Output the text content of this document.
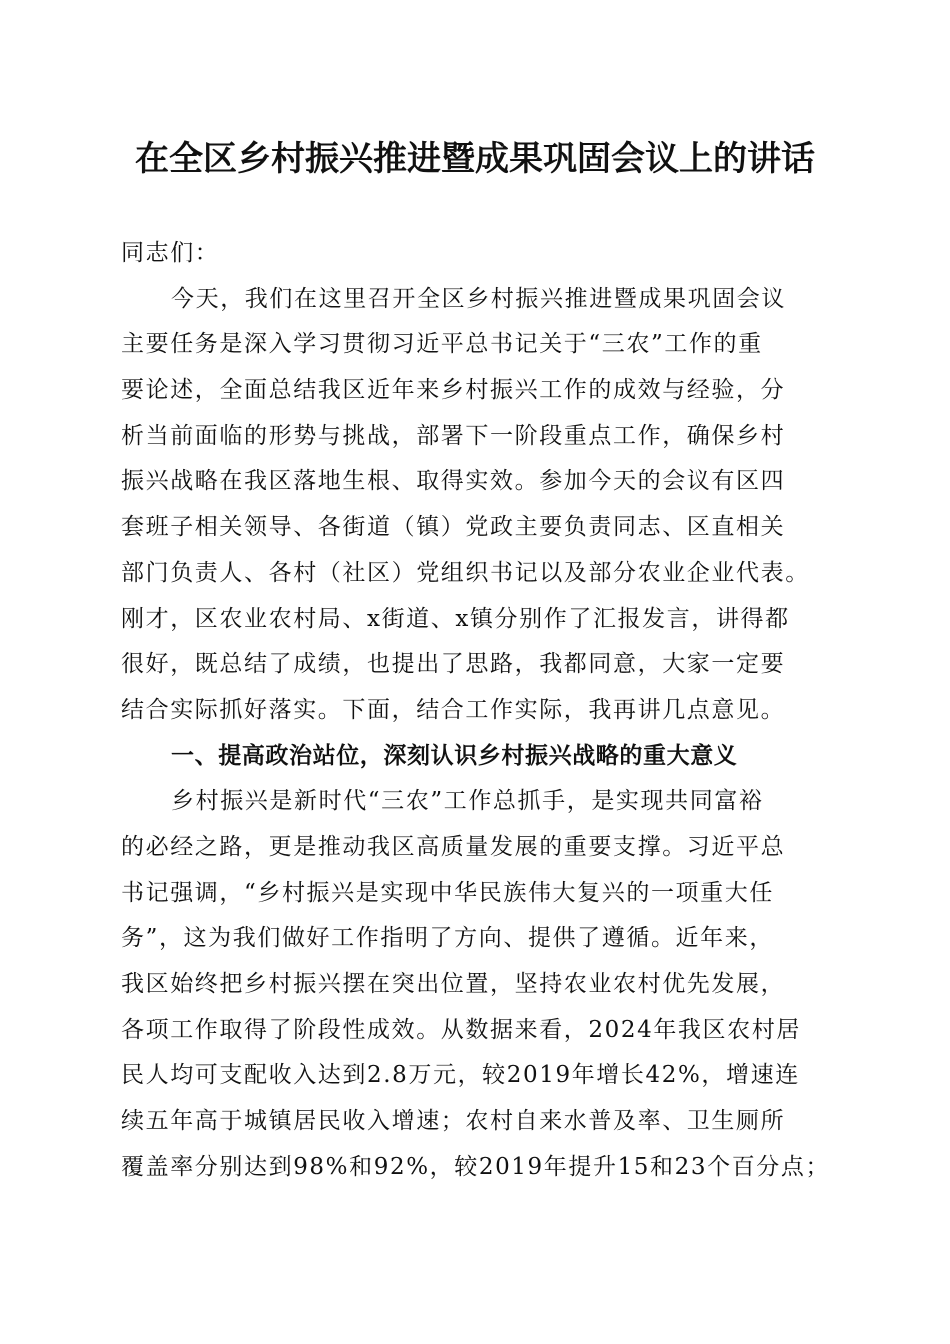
在全区乡村振兴推进暨成果巩固会议上的讲话
同志们：
今天，我们在这里召开全区乡村振兴推进暨成果巩固会议
主要任务是深入学习贯彻习近平总书记关于“三农”工作的重
要论述，全面总结我区近年来乡村振兴工作的成效与经验，分
析当前面临的形势与挑战，部署下一阶段重点工作，确保乡村
振兴战略在我区落地生根、取得实效。参加今天的会议有区四
套班子相关领导、各街道（镇）党政主要负责同志、区直相关
部门负责人、各村（社区）党组织书记以及部分农业企业代表。
刚才，区农业农村局、x街道、x镇分别作了汇报发言，讲得都
很好，既总结了成绩，也提出了思路，我都同意，大家一定要
结合实际抓好落实。下面，结合工作实际，我再讲几点意见。
一、提高政治站位，深刻认识乡村振兴战略的重大意义
乡村振兴是新时代“三农”工作总抓手，是实现共同富裕
的必经之路，更是推动我区高质量发展的重要支撑。习近平总
书记强调，“乡村振兴是实现中华民族伟大复兴的一项重大任
务”，这为我们做好工作指明了方向、提供了遵循。近年来，
我区始终把乡村振兴摆在突出位置，坚持农业农村优先发展，
各项工作取得了阶段性成效。从数据来看，2024年我区农村居
民人均可支配收入达到2.8万元，较2019年增长42%，增速连
续五年高于城镇居民收入增速；农村自来水普及率、卫生厕所
覆盖率分别达到98%和92%，较2019年提升15和23个百分点；
